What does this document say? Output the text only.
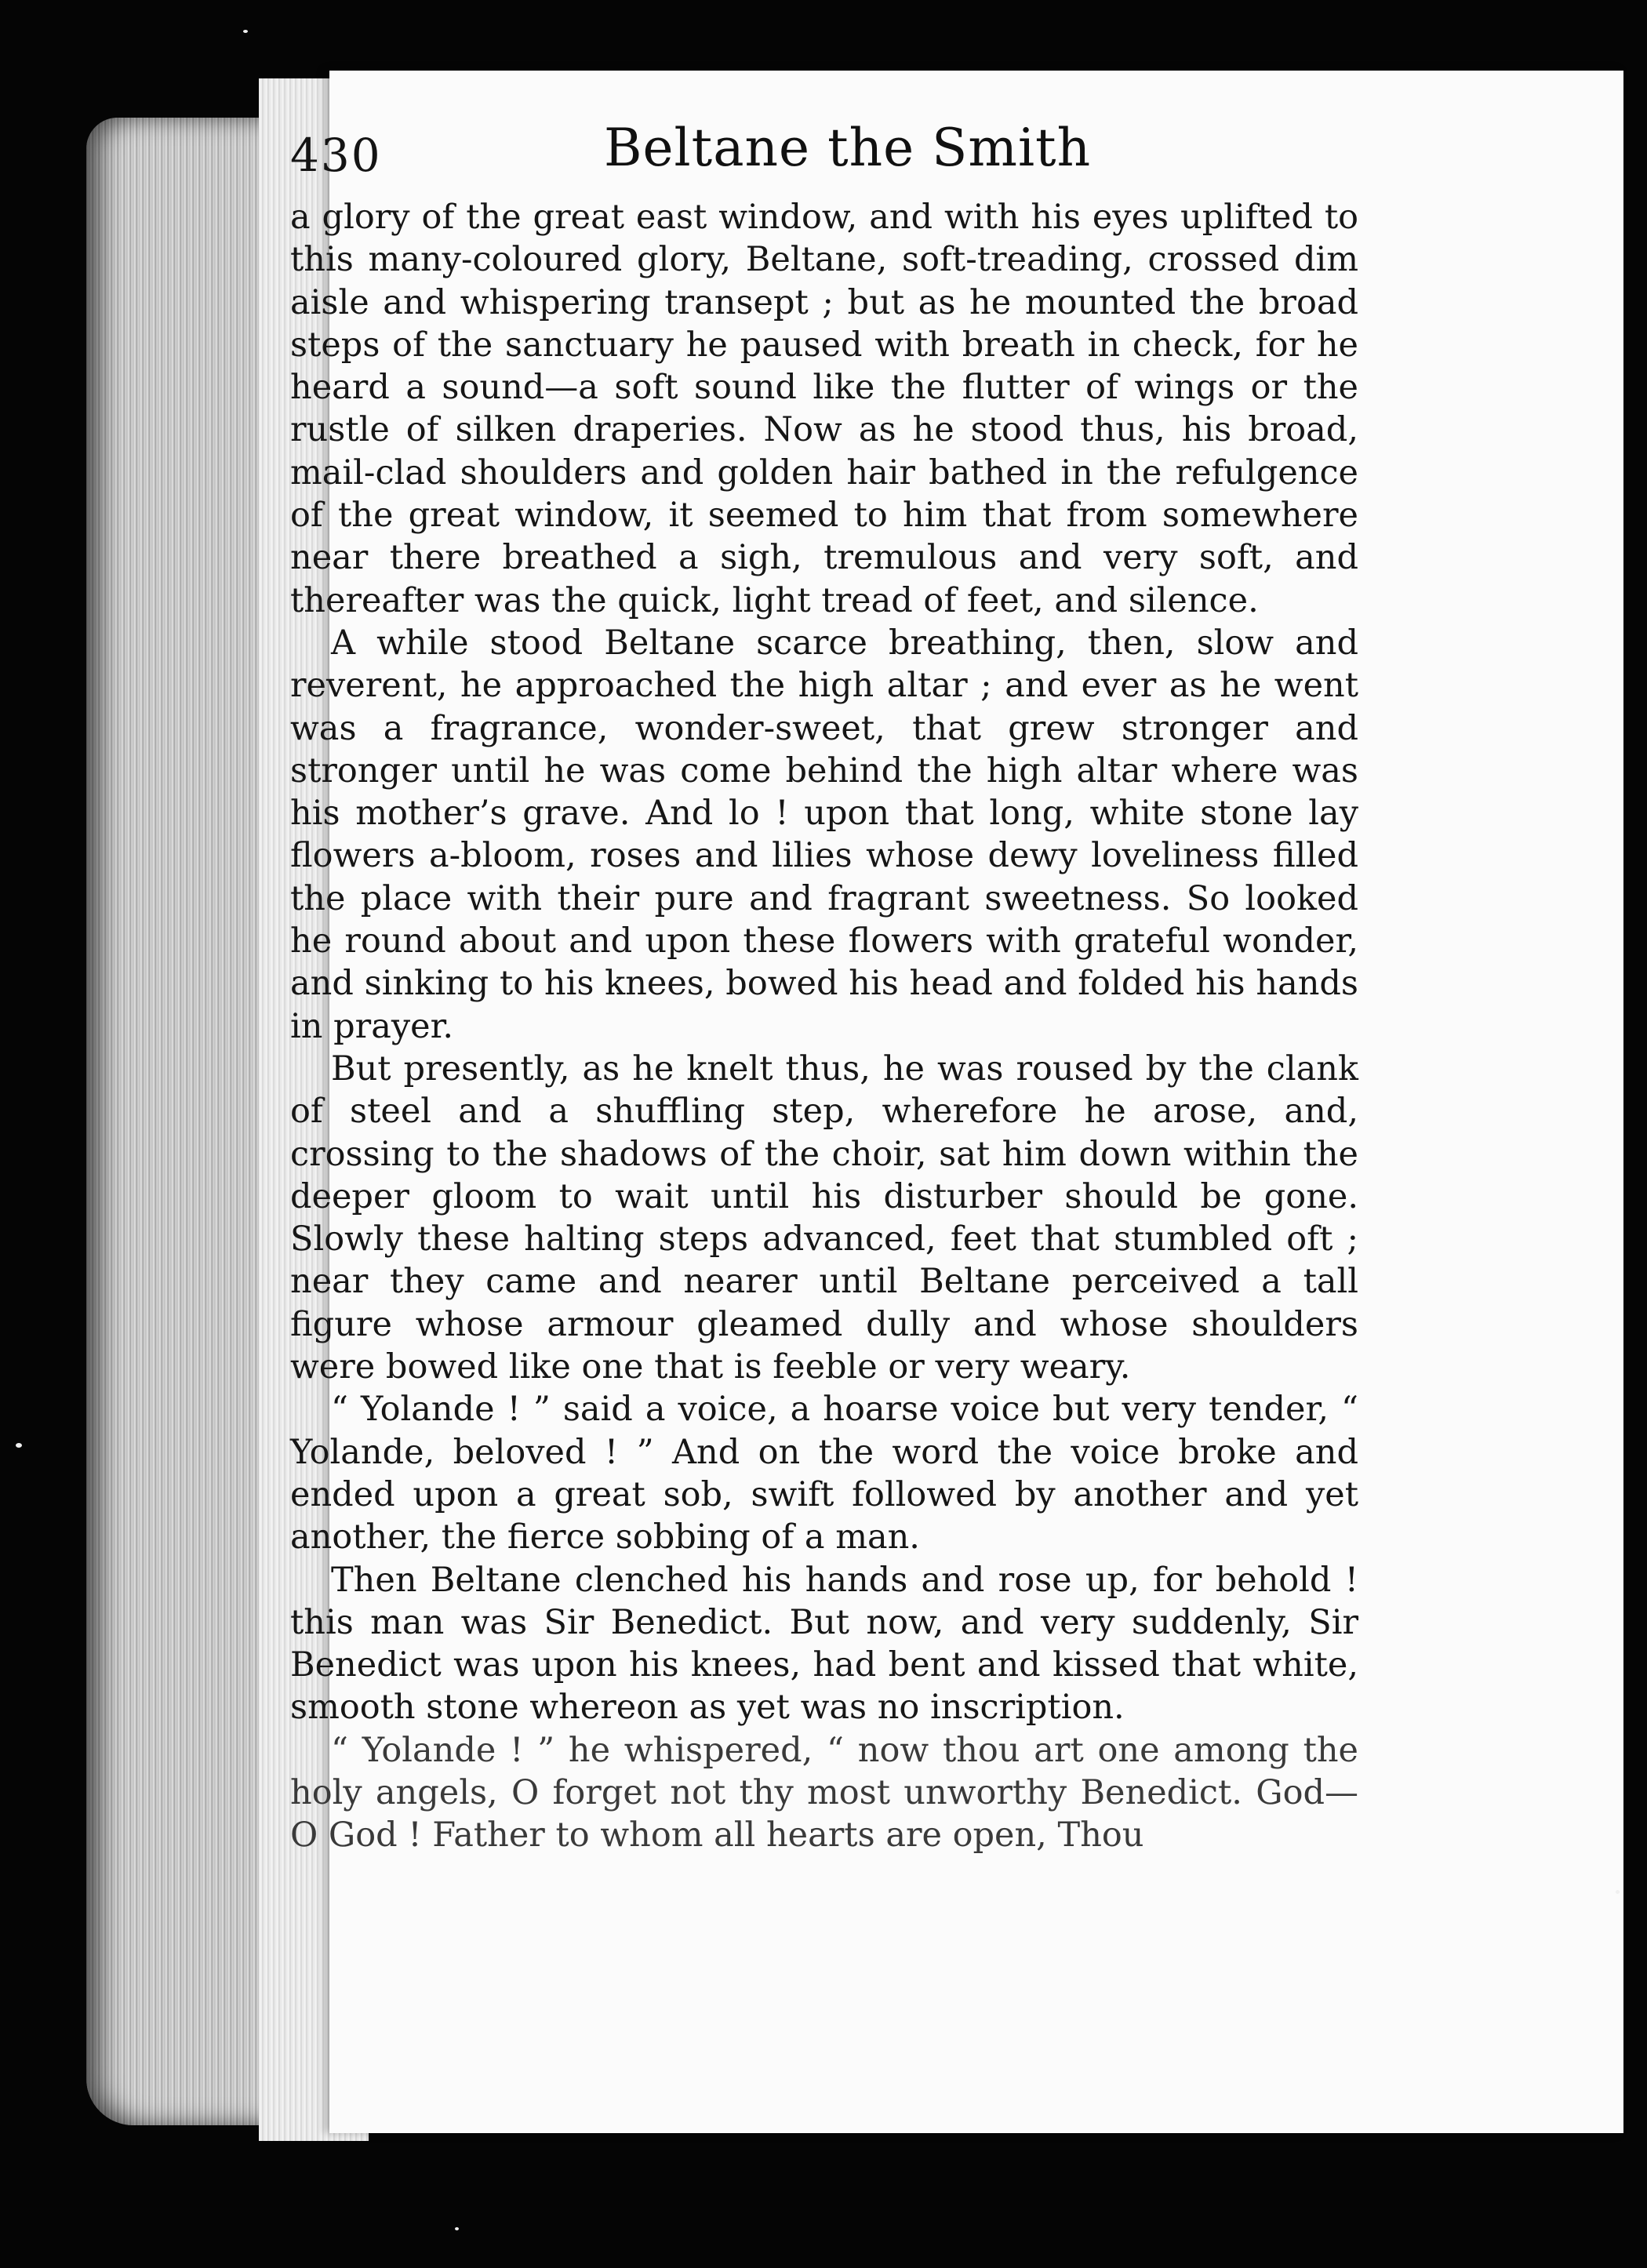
430	Beltane the Smith

a glory of the great east window, and with his eyes uplifted to this many-coloured glory, Beltane, soft-treading, crossed dim aisle and whispering transept ; but as he mounted the broad steps of the sanctuary he paused with breath in check, for he heard a sound—a soft sound like the flutter of wings or the rustle of silken draperies. Now as he stood thus, his broad, mail-clad shoulders and golden hair bathed in the refulgence of the great window, it seemed to him that from somewhere near there breathed a sigh, tremulous and very soft, and thereafter was the quick, light tread of feet, and silence.

A while stood Beltane scarce breathing, then, slow and reverent, he approached the high altar ; and ever as he went was a fragrance, wonder-sweet, that grew stronger and stronger until he was come behind the high altar where was his mother’s grave. And lo ! upon that long, white stone lay flowers a-bloom, roses and lilies whose dewy loveliness filled the place with their pure and fragrant sweetness. So looked he round about and upon these flowers with grateful wonder, and sinking to his knees, bowed his head and folded his hands in prayer.

But presently, as he knelt thus, he was roused by the clank of steel and a shuffling step, wherefore he arose, and, crossing to the shadows of the choir, sat him down within the deeper gloom to wait until his disturber should be gone. Slowly these halting steps advanced, feet that stumbled oft ; near they came and nearer until Beltane perceived a tall figure whose armour gleamed dully and whose shoulders were bowed like one that is feeble or very weary.

“ Yolande ! ” said a voice, a hoarse voice but very tender, “ Yolande, beloved ! ” And on the word the voice broke and ended upon a great sob, swift followed by another and yet another, the fierce sobbing of a man.

Then Beltane clenched his hands and rose up, for behold ! this man was Sir Benedict. But now, and very suddenly, Sir Benedict was upon his knees, had bent and kissed that white, smooth stone whereon as yet was no inscription.

“ Yolande ! ” he whispered, “ now thou art one among the holy angels, O forget not thy most unworthy Benedict. God—O God ! Father to whom all hearts are open, Thou
